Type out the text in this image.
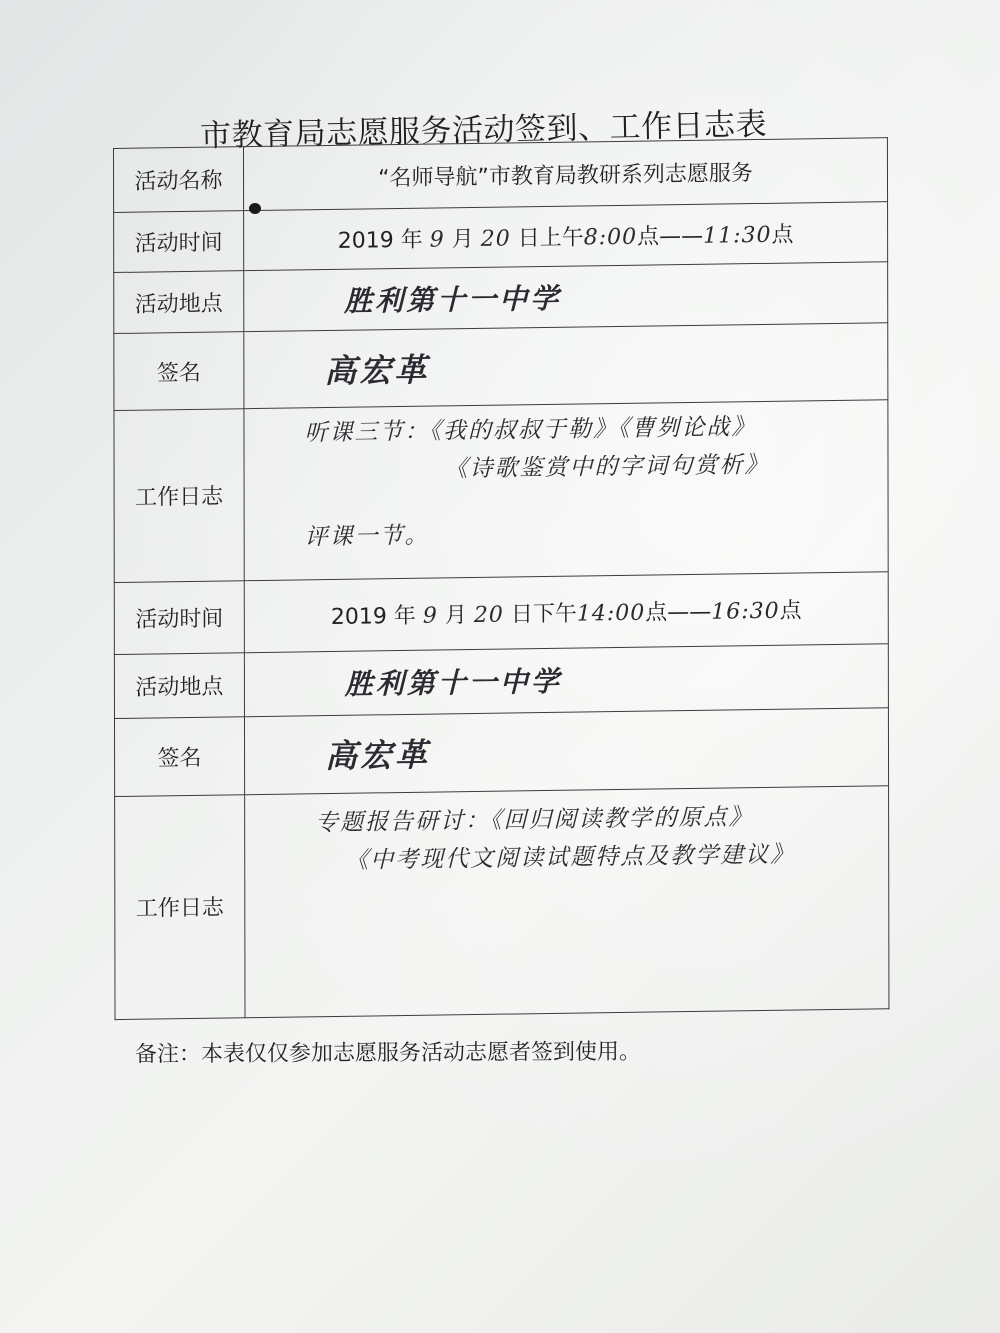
市教育局志愿服务活动签到、工作日志表
活动名称	“名师导航”市教育局教研系列志愿服务
活动时间	2019 年 9 月 20 日上午8:00点——11:30点
活动地点	胜利第十一中学
签名	高宏革
工作日志	听课三节：《我的叔叔于勒》《曹刿论战》
《诗歌鉴赏中的字词句赏析》
评课一节。

活动时间	2019 年 9 月 20 日下午14:00点——16:30点
活动地点	胜利第十一中学
签名	高宏革
工作日志	专题报告研讨：《回归阅读教学的原点》
《中考现代文阅读试题特点及教学建议》
备注：本表仅仅参加志愿服务活动志愿者签到使用。
